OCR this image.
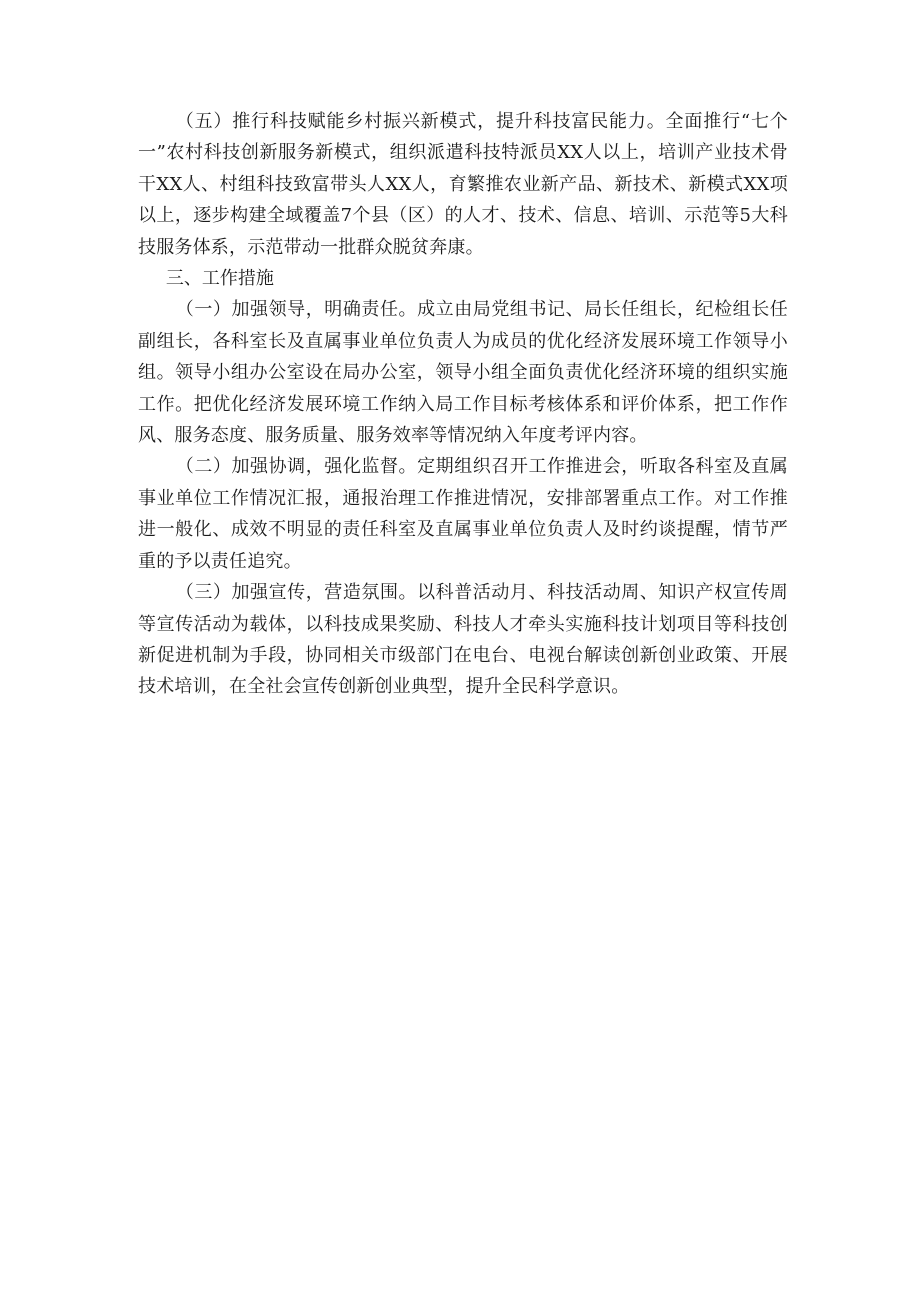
（五）推行科技赋能乡村振兴新模式，提升科技富民能力。全面推行“七个一”农村科技创新服务新模式，组织派遣科技特派员XX人以上，培训产业技术骨干XX人、村组科技致富带头人XX人，育繁推农业新产品、新技术、新模式XX项以上，逐步构建全域覆盖7个县（区）的人才、技术、信息、培训、示范等5大科技服务体系，示范带动一批群众脱贫奔康。

三、工作措施

（一）加强领导，明确责任。成立由局党组书记、局长任组长，纪检组长任副组长，各科室长及直属事业单位负责人为成员的优化经济发展环境工作领导小组。领导小组办公室设在局办公室，领导小组全面负责优化经济环境的组织实施工作。把优化经济发展环境工作纳入局工作目标考核体系和评价体系，把工作作风、服务态度、服务质量、服务效率等情况纳入年度考评内容。

（二）加强协调，强化监督。定期组织召开工作推进会，听取各科室及直属事业单位工作情况汇报，通报治理工作推进情况，安排部署重点工作。对工作推进一般化、成效不明显的责任科室及直属事业单位负责人及时约谈提醒，情节严重的予以责任追究。

（三）加强宣传，营造氛围。以科普活动月、科技活动周、知识产权宣传周等宣传活动为载体，以科技成果奖励、科技人才牵头实施科技计划项目等科技创新促进机制为手段，协同相关市级部门在电台、电视台解读创新创业政策、开展技术培训，在全社会宣传创新创业典型，提升全民科学意识。
